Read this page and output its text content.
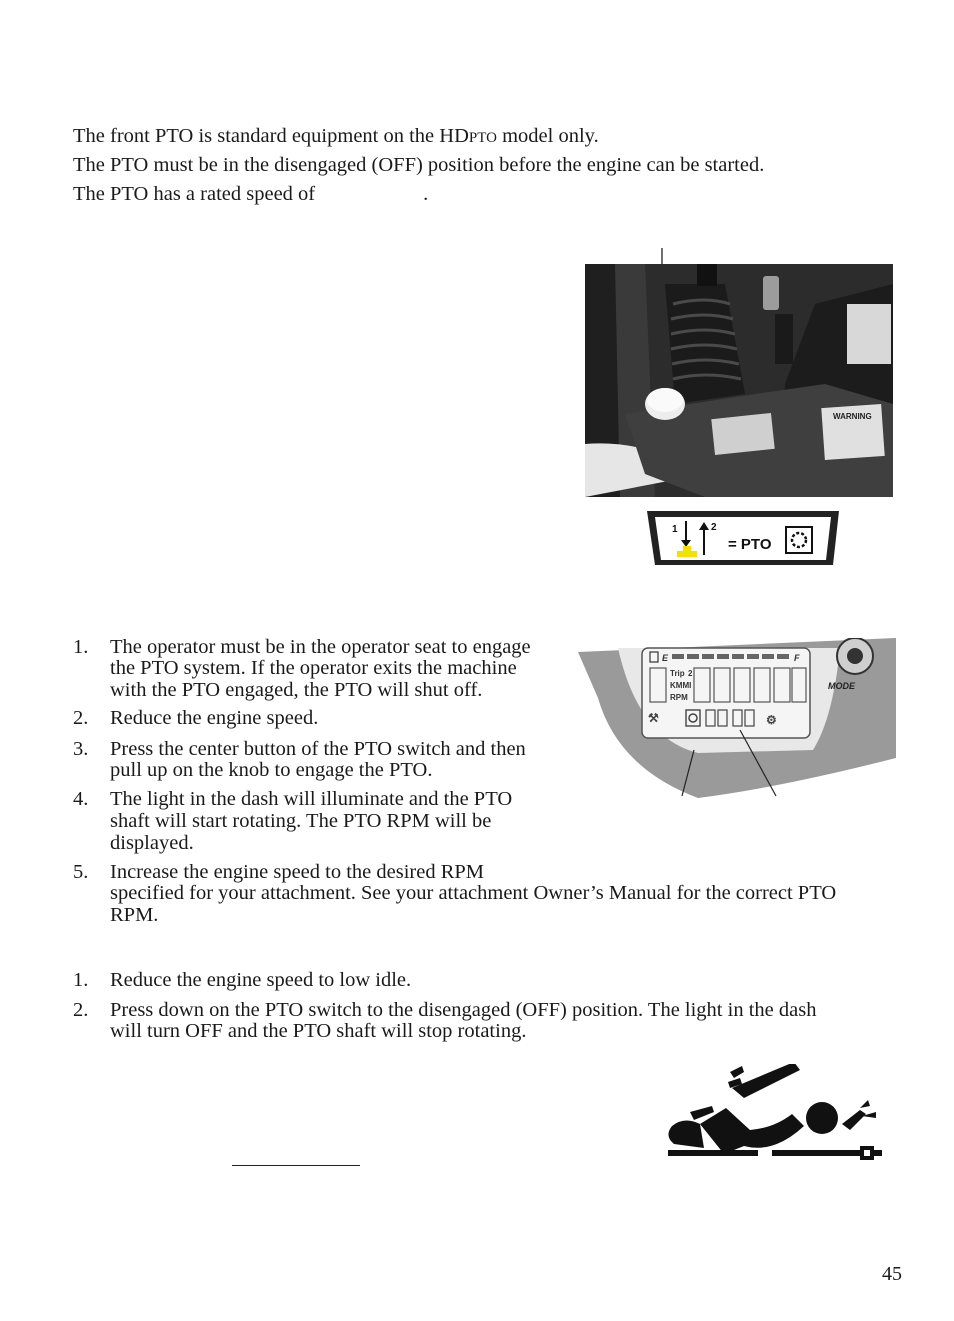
The front PTO is standard equipment on the HDPTO model only.
The PTO must be in the disengaged (OFF) position before the engine can be started.
The PTO has a rated speed of	.
WARNING
1	2
= PTO
MODE
E	F
Trip 2
KMMI
RPM
⚒	⚙
1. The operator must be in the operator seat to engage
the PTO system. If the operator exits the machine
with the PTO engaged, the PTO will shut off.
2. Reduce the engine speed.
3. Press the center button of the PTO switch and then
pull up on the knob to engage the PTO.
4. The light in the dash will illuminate and the PTO
shaft will start rotating. The PTO RPM will be
displayed.
5. Increase the engine speed to the desired RPM
specified for your attachment. See your attachment Owner’s Manual for the correct PTO
RPM.
1. Reduce the engine speed to low idle.
2. Press down on the PTO switch to the disengaged (OFF) position. The light in the dash
will turn OFF and the PTO shaft will stop rotating.
45
